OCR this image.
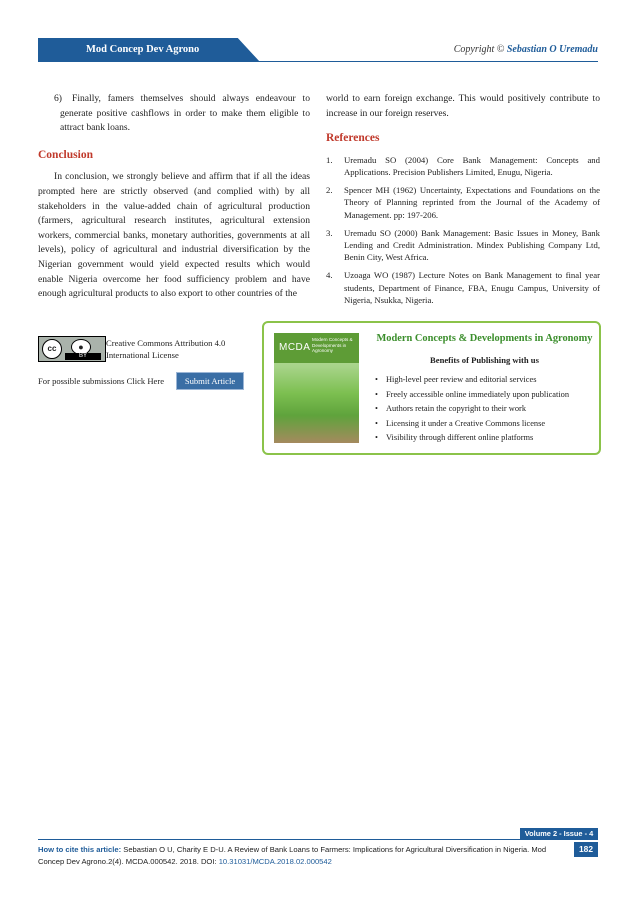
Mod Concep Dev Agrono	Copyright © Sebastian O Uremadu

6) Finally, famers themselves should always endeavour to generate positive cashflows in order to make them eligible to attract bank loans.

Conclusion

In conclusion, we strongly believe and affirm that if all the ideas prompted here are strictly observed (and complied with) by all stakeholders in the value-added chain of agricultural production (farmers, agricultural research institutes, agricultural extension workers, commercial banks, monetary authorities, governments at all levels), policy of agricultural and industrial diversification by the Nigerian government would yield expected results which would enable Nigeria overcome her food sufficiency problem and have enough agricultural products to also export to other countries of the

world to earn foreign exchange. This would positively contribute to increase in our foreign reserves.

References
1. Uremadu SO (2004) Core Bank Management: Concepts and Applications. Precision Publishers Limited, Enugu, Nigeria.
2. Spencer MH (1962) Uncertainty, Expectations and Foundations on the Theory of Planning reprinted from the Journal of the Academy of Management. pp: 197-206.
3. Uremadu SO (2000) Bank Management: Basic Issues in Money, Bank Lending and Credit Administration. Mindex Publishing Company Ltd, Benin City, West Africa.
4. Uzoaga WO (1987) Lecture Notes on Bank Management to final year students, Department of Finance, FBA, Enugu Campus, University of Nigeria, Nsukka, Nigeria.
cc	●
BY
Creative Commons Attribution 4.0 International License
For possible submissions Click Here	Submit Article
MCDA
Modern Concepts & Developments in Agronomy
Modern Concepts & Developments in Agronomy
Benefits of Publishing with us
• High-level peer review and editorial services
• Freely accessible online immediately upon publication
• Authors retain the copyright to their work
• Licensing it under a Creative Commons license
• Visibility through different online platforms
Volume 2 - Issue - 4
How to cite this article: Sebastian O U, Charity E D-U. A Review of Bank Loans to Farmers: Implications for Agricultural Diversification in Nigeria. Mod Concep Dev Agrono.2(4). MCDA.000542. 2018. DOI: 10.31031/MCDA.2018.02.000542
182
